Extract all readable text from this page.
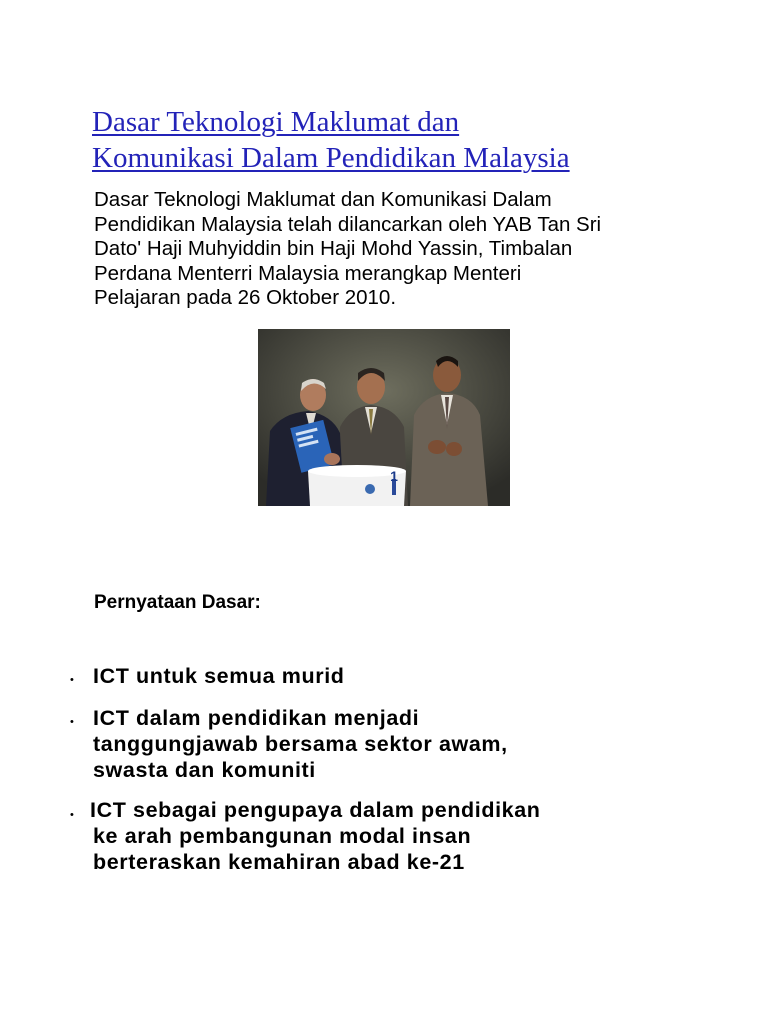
Dasar Teknologi Maklumat dan
Komunikasi Dalam Pendidikan Malaysia

Dasar Teknologi Maklumat dan Komunikasi Dalam
Pendidikan Malaysia telah dilancarkan oleh YAB Tan Sri
Dato' Haji Muhyiddin bin Haji Mohd Yassin, Timbalan
Perdana Menterri Malaysia merangkap Menteri
Pelajaran pada 26 Oktober 2010.

1
Pernyataan Dasar:
• ICT untuk semua murid
• ICT dalam pendidikan menjadi
tanggungjawab bersama sektor awam,
swasta dan komuniti
• ICT sebagai pengupaya dalam pendidikan
ke arah pembangunan modal insan
berteraskan kemahiran abad ke-21
